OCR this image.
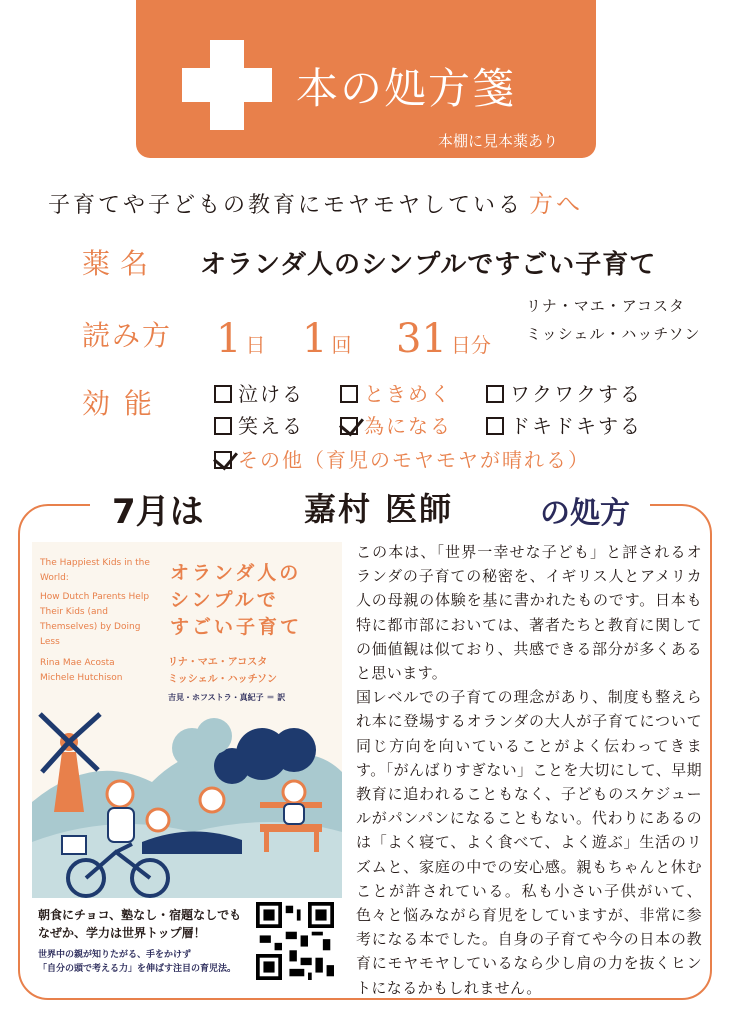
本の処方箋
本棚に見本薬あり
子育てや子どもの教育にモヤモヤしている 方へ
薬名 オランダ人のシンプルですごい子育て
読み方 1 日 1 回 31 日分
リナ・マエ・アコスタ
ミッシェル・ハッチソン
効能	泣ける	ときめく	ワクワクする
笑える	為になる	ドキドキする
その他（育児のモヤモヤが晴れる）
7月は	嘉村 医師	の処方
The Happiest Kids in the World:
How Dutch Parents Help Their Kids (and Themselves) by Doing Less
Rina Mae Acosta
Michele Hutchison
オランダ人の
シンプルで
すごい子育て
リナ・マエ・アコスタ
ミッシェル・ハッチソン
吉見・ホフストラ・真紀子 ＝ 訳
朝食にチョコ、塾なし・宿題なしでも
なぜか、学力は世界トップ層！
世界中の親が知りたがる、手をかけず
「自分の頭で考える力」を伸ばす注目の育児法。

この本は、「世界一幸せな子ども」と評されるオランダの子育ての秘密を、イギリス人とアメリカ人の母親の体験を基に書かれたものです。日本も特に都市部においては、著者たちと教育に関しての価値観は似ており、共感できる部分が多くあると思います。

国レベルでの子育ての理念があり、制度も整えられ本に登場するオランダの大人が子育てについて同じ方向を向いていることがよく伝わってきます。「がんばりすぎない」ことを大切にして、早期教育に追われることもなく、子どものスケジュールがパンパンになることもない。代わりにあるのは「よく寝て、よく食べて、よく遊ぶ」生活のリズムと、家庭の中での安心感。親もちゃんと休むことが許されている。私も小さい子供がいて、色々と悩みながら育児をしていますが、非常に参考になる本でした。自身の子育てや今の日本の教育にモヤモヤしているなら少し肩の力を抜くヒントになるかもしれません。
